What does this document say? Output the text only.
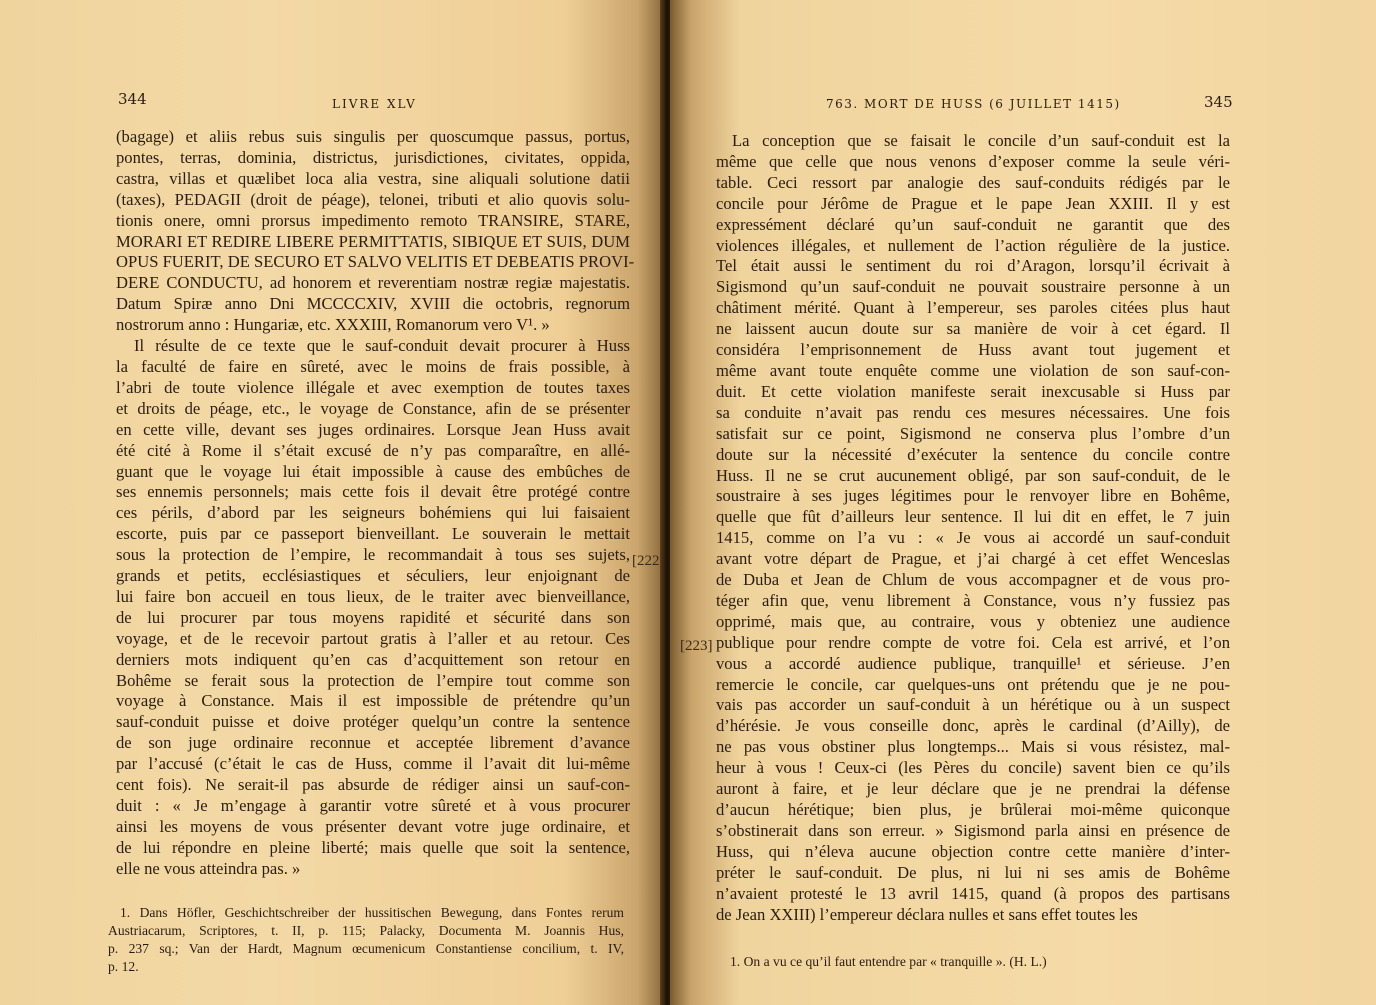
344	LIVRE XLV
(bagage) et aliis rebus suis singulis per quoscumque passus, portus,
pontes, terras, dominia, districtus, jurisdictiones, civitates, oppida,
castra, villas et quælibet loca alia vestra, sine aliquali solutione datii
(taxes), PEDAGII (droit de péage), telonei, tributi et alio quovis solu-
tionis onere, omni prorsus impedimento remoto TRANSIRE, STARE,
MORARI ET REDIRE LIBERE PERMITTATIS, SIBIQUE ET SUIS, DUM
OPUS FUERIT, DE SECURO ET SALVO VELITIS ET DEBEATIS PROVI-
DERE CONDUCTU, ad honorem et reverentiam nostræ regiæ majestatis.
Datum Spiræ anno Dni MCCCCXIV, XVIII die octobris, regnorum
nostrorum anno : Hungariæ, etc. XXXIII, Romanorum vero V¹. »
Il résulte de ce texte que le sauf-conduit devait procurer à Huss
la faculté de faire en sûreté, avec le moins de frais possible, à
l’abri de toute violence illégale et avec exemption de toutes taxes
et droits de péage, etc., le voyage de Constance, afin de se présenter
en cette ville, devant ses juges ordinaires. Lorsque Jean Huss avait
été cité à Rome il s’était excusé de n’y pas comparaître, en allé-
guant que le voyage lui était impossible à cause des embûches de
ses ennemis personnels; mais cette fois il devait être protégé contre
ces périls, d’abord par les seigneurs bohémiens qui lui faisaient
escorte, puis par ce passeport bienveillant. Le souverain le mettait
sous la protection de l’empire, le recommandait à tous ses sujets,
grands et petits, ecclésiastiques et séculiers, leur enjoignant de
lui faire bon accueil en tous lieux, de le traiter avec bienveillance,
de lui procurer par tous moyens rapidité et sécurité dans son
voyage, et de le recevoir partout gratis à l’aller et au retour. Ces
derniers mots indiquent qu’en cas d’acquittement son retour en
Bohême se ferait sous la protection de l’empire tout comme son
voyage à Constance. Mais il est impossible de prétendre qu’un
sauf-conduit puisse et doive protéger quelqu’un contre la sentence
de son juge ordinaire reconnue et acceptée librement d’avance
par l’accusé (c’était le cas de Huss, comme il l’avait dit lui-même
cent fois). Ne serait-il pas absurde de rédiger ainsi un sauf-con-
duit : « Je m’engage à garantir votre sûreté et à vous procurer
ainsi les moyens de vous présenter devant votre juge ordinaire, et
de lui répondre en pleine liberté; mais quelle que soit la sentence,
elle ne vous atteindra pas. »
[ 222 ]
1. Dans Höfler, Geschichtschreiber der hussitischen Bewegung, dans Fontes rerum
Austriacarum, Scriptores, t. II, p. 115; Palacky, Documenta M. Joannis Hus,
p. 237 sq.; Van der Hardt, Magnum œcumenicum Constantiense concilium, t. IV,
p. 12.
763. MORT DE HUSS (6 JUILLET 1415)	345
[ 223 ]
La conception que se faisait le concile d’un sauf-conduit est la
même que celle que nous venons d’exposer comme la seule véri-
table. Ceci ressort par analogie des sauf-conduits rédigés par le
concile pour Jérôme de Prague et le pape Jean XXIII. Il y est
expressément déclaré qu’un sauf-conduit ne garantit que des
violences illégales, et nullement de l’action régulière de la justice.
Tel était aussi le sentiment du roi d’Aragon, lorsqu’il écrivait à
Sigismond qu’un sauf-conduit ne pouvait soustraire personne à un
châtiment mérité. Quant à l’empereur, ses paroles citées plus haut
ne laissent aucun doute sur sa manière de voir à cet égard. Il
considéra l’emprisonnement de Huss avant tout jugement et
même avant toute enquête comme une violation de son sauf-con-
duit. Et cette violation manifeste serait inexcusable si Huss par
sa conduite n’avait pas rendu ces mesures nécessaires. Une fois
satisfait sur ce point, Sigismond ne conserva plus l’ombre d’un
doute sur la nécessité d’exécuter la sentence du concile contre
Huss. Il ne se crut aucunement obligé, par son sauf-conduit, de le
soustraire à ses juges légitimes pour le renvoyer libre en Bohême,
quelle que fût d’ailleurs leur sentence. Il lui dit en effet, le 7 juin
1415, comme on l’a vu : « Je vous ai accordé un sauf-conduit
avant votre départ de Prague, et j’ai chargé à cet effet Wenceslas
de Duba et Jean de Chlum de vous accompagner et de vous pro-
téger afin que, venu librement à Constance, vous n’y fussiez pas
opprimé, mais que, au contraire, vous y obteniez une audience
publique pour rendre compte de votre foi. Cela est arrivé, et l’on
vous a accordé audience publique, tranquille¹ et sérieuse. J’en
remercie le concile, car quelques-uns ont prétendu que je ne pou-
vais pas accorder un sauf-conduit à un hérétique ou à un suspect
d’hérésie. Je vous conseille donc, après le cardinal (d’Ailly), de
ne pas vous obstiner plus longtemps... Mais si vous résistez, mal-
heur à vous ! Ceux-ci (les Pères du concile) savent bien ce qu’ils
auront à faire, et je leur déclare que je ne prendrai la défense
d’aucun hérétique; bien plus, je brûlerai moi-même quiconque
s’obstinerait dans son erreur. » Sigismond parla ainsi en présence de
Huss, qui n’éleva aucune objection contre cette manière d’inter-
préter le sauf-conduit. De plus, ni lui ni ses amis de Bohême
n’avaient protesté le 13 avril 1415, quand (à propos des partisans
de Jean XXIII) l’empereur déclara nulles et sans effet toutes les
1. On a vu ce qu’il faut entendre par « tranquille ». (H. L.)
